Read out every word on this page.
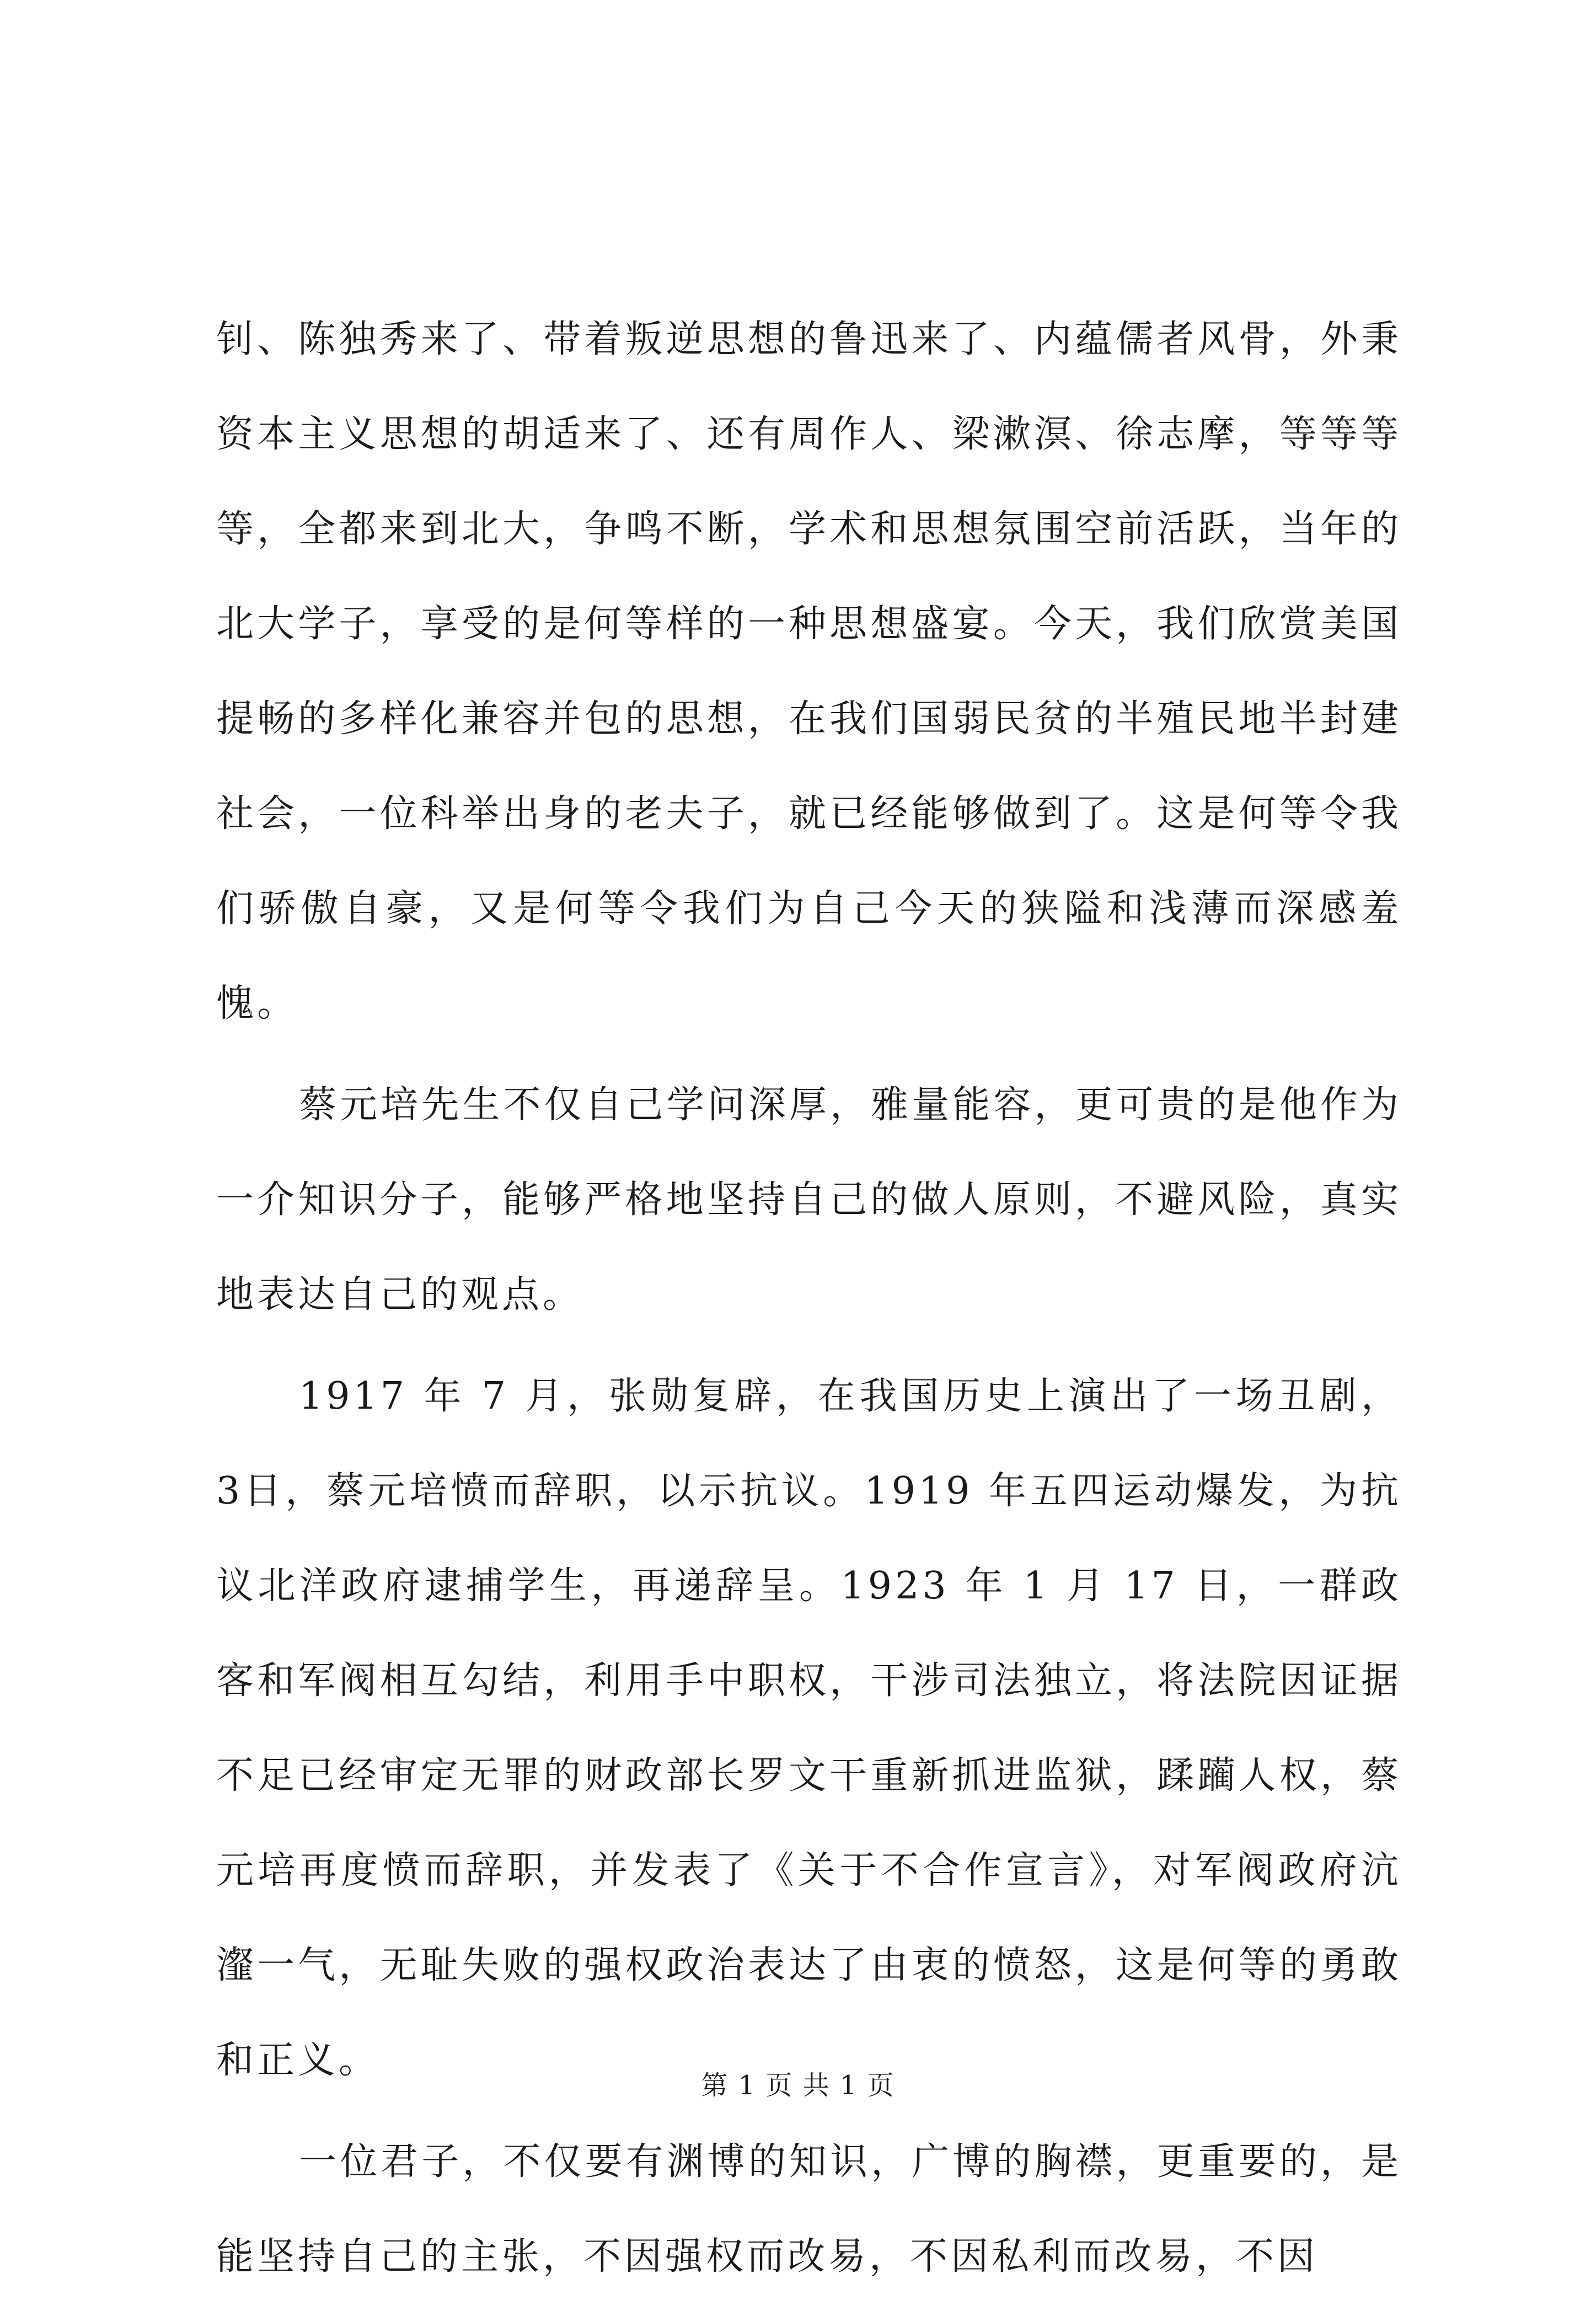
钊、陈独秀来了、带着叛逆思想的鲁迅来了、内蕴儒者风骨，外秉资本主义思想的胡适来了、还有周作人、梁漱溟、徐志摩，等等等等，全都来到北大，争鸣不断，学术和思想氛围空前活跃，当年的北大学子，享受的是何等样的一种思想盛宴。今天，我们欣赏美国提畅的多样化兼容并包的思想，在我们国弱民贫的半殖民地半封建社会，一位科举出身的老夫子，就已经能够做到了。这是何等令我们骄傲自豪，又是何等令我们为自己今天的狭隘和浅薄而深感羞愧。

蔡元培先生不仅自己学问深厚，雅量能容，更可贵的是他作为一介知识分子，能够严格地坚持自己的做人原则，不避风险，真实地表达自己的观点。

1917 年 7 月，张勋复辟，在我国历史上演出了一场丑剧，3日，蔡元培愤而辞职，以示抗议。1919 年五四运动爆发，为抗议北洋政府逮捕学生，再递辞呈。1923 年 1 月 17 日，一群政客和军阀相互勾结，利用手中职权，干涉司法独立，将法院因证据不足已经审定无罪的财政部长罗文干重新抓进监狱，蹂躏人权，蔡元培再度愤而辞职，并发表了《关于不合作宣言》，对军阀政府沆瀣一气，无耻失败的强权政治表达了由衷的愤怒，这是何等的勇敢和正义。

一位君子，不仅要有渊博的知识，广博的胸襟，更重要的，是能坚持自己的主张，不因强权而改易，不因私利而改易，不因

第 1 页 共 1 页
